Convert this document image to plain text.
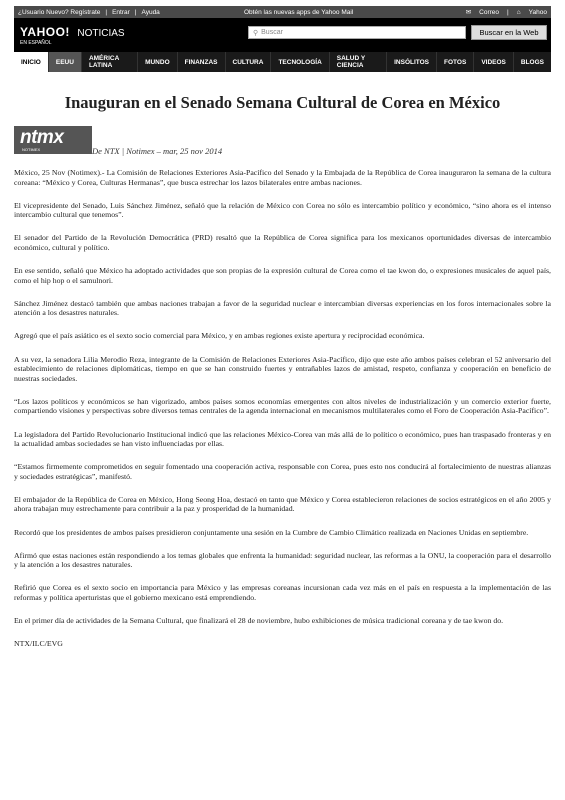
¿Usuario Nuevo? Regístrate | Entrar | Ayuda	Obtén las nuevas apps de Yahoo Mail	✉ Correo | ⌂ Yahoo
YAHOO! NOTICIAS
EN ESPAÑOL
⚲ Buscar	Buscar en la Web
INICIO	EEUU	AMÉRICA LATINA	MUNDO	FINANZAS	CULTURA	TECNOLOGÍA	SALUD Y CIENCIA	INSÓLITOS	FOTOS	VIDEOS	BLOGS
Inauguran en el Senado Semana Cultural de Corea en México
ntmx
NOTIMEX	De NTX | Notimex – mar, 25 nov 2014

México, 25 Nov (Notimex).- La Comisión de Relaciones Exteriores Asia-Pacífico del Senado y la Embajada de la República de Corea inauguraron la semana de la cultura coreana: “México y Corea, Culturas Hermanas”, que busca estrechar los lazos bilaterales entre ambas naciones.

El vicepresidente del Senado, Luis Sánchez Jiménez, señaló que la relación de México con Corea no sólo es intercambio político y económico, “sino ahora es el intenso intercambio cultural que tenemos”.

El senador del Partido de la Revolución Democrática (PRD) resaltó que la República de Corea significa para los mexicanos oportunidades diversas de intercambio económico, cultural y político.

En ese sentido, señaló que México ha adoptado actividades que son propias de la expresión cultural de Corea como el tae kwon do, o expresiones musicales de aquel país, como el hip hop o el samulnori.

Sánchez Jiménez destacó también que ambas naciones trabajan a favor de la seguridad nuclear e intercambian diversas experiencias en los foros internacionales sobre la atención a los desastres naturales.

Agregó que el país asiático es el sexto socio comercial para México, y en ambas regiones existe apertura y reciprocidad económica.

A su vez, la senadora Lilia Merodio Reza, integrante de la Comisión de Relaciones Exteriores Asia-Pacífico, dijo que este año ambos países celebran el 52 aniversario del establecimiento de relaciones diplomáticas, tiempo en que se han construido fuertes y entrañables lazos de amistad, respeto, confianza y cooperación en beneficio de nuestras sociedades.

“Los lazos políticos y económicos se han vigorizado, ambos países somos economías emergentes con altos niveles de industrialización y un comercio exterior fuerte, compartiendo visiones y perspectivas sobre diversos temas centrales de la agenda internacional en mecanismos multilaterales como el Foro de Cooperación Asia-Pacífico”.

La legisladora del Partido Revolucionario Institucional indicó que las relaciones México-Corea van más allá de lo político o económico, pues han traspasado fronteras y en la actualidad ambas sociedades se han visto influenciadas por ellas.

“Estamos firmemente comprometidos en seguir fomentado una cooperación activa, responsable con Corea, pues esto nos conducirá al fortalecimiento de nuestras alianzas y sociedades estratégicas”, manifestó.

El embajador de la República de Corea en México, Hong Seong Hoa, destacó en tanto que México y Corea establecieron relaciones de socios estratégicos en el año 2005 y ahora trabajan muy estrechamente para contribuir a la paz y prosperidad de la humanidad.

Recordó que los presidentes de ambos países presidieron conjuntamente una sesión en la Cumbre de Cambio Climático realizada en Naciones Unidas en septiembre.

Afirmó que estas naciones están respondiendo a los temas globales que enfrenta la humanidad: seguridad nuclear, las reformas a la ONU, la cooperación para el desarrollo y la atención a los desastres naturales.

Refirió que Corea es el sexto socio en importancia para México y las empresas coreanas incursionan cada vez más en el país en respuesta a la implementación de las reformas y política aperturistas que el gobierno mexicano está emprendiendo.

En el primer día de actividades de la Semana Cultural, que finalizará el 28 de noviembre, hubo exhibiciones de música tradicional coreana y de tae kwon do.

NTX/ILC/EVG
